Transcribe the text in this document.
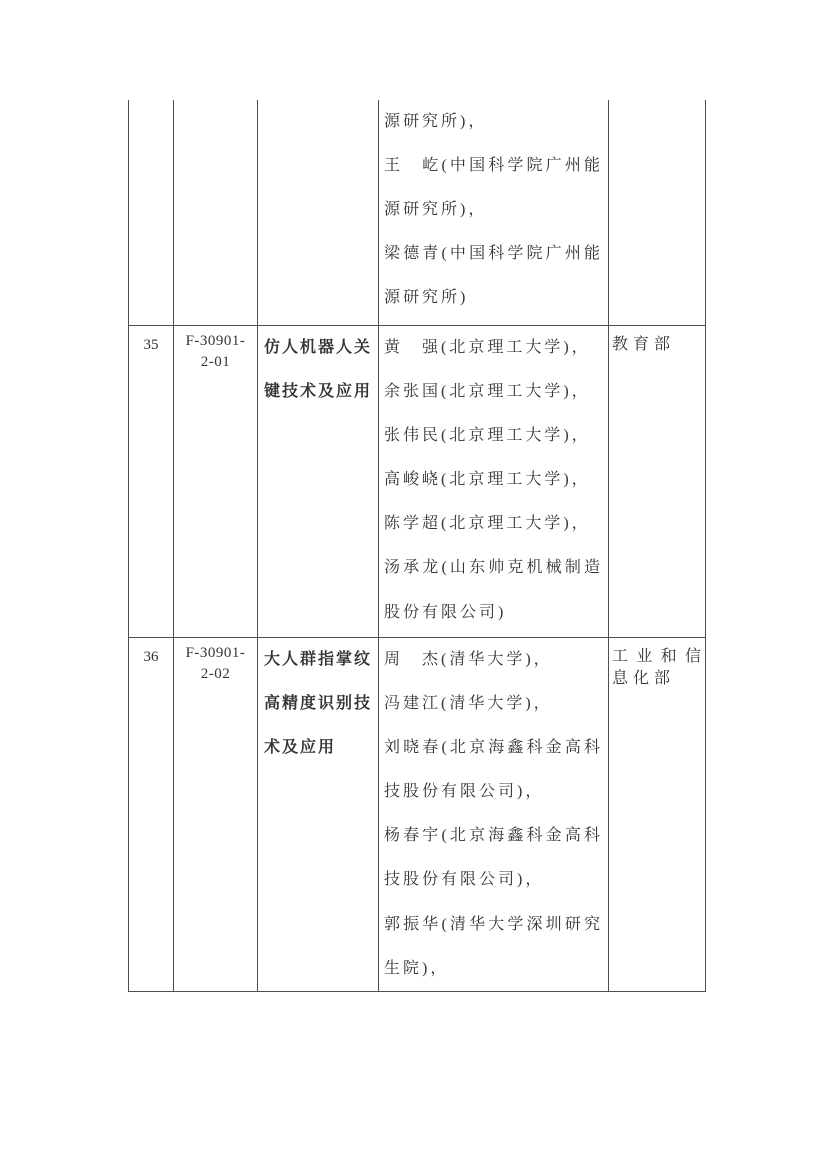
源研究所)，
王　屹(中国科学院广州能
源研究所)，
梁德青(中国科学院广州能
源研究所)
35	F-30901-
2-01
仿人机器人关
键技术及应用
黄　强(北京理工大学)，
余张国(北京理工大学)，
张伟民(北京理工大学)，
高峻峣(北京理工大学)，
陈学超(北京理工大学)，
汤承龙(山东帅克机械制造
股份有限公司)
教育部
36	F-30901-
2-02
大人群指掌纹
高精度识别技
术及应用
周　杰(清华大学)，
冯建江(清华大学)，
刘晓春(北京海鑫科金高科
技股份有限公司)，
杨春宇(北京海鑫科金高科
技股份有限公司)，
郭振华(清华大学深圳研究
生院)，
工业和信
息化部
